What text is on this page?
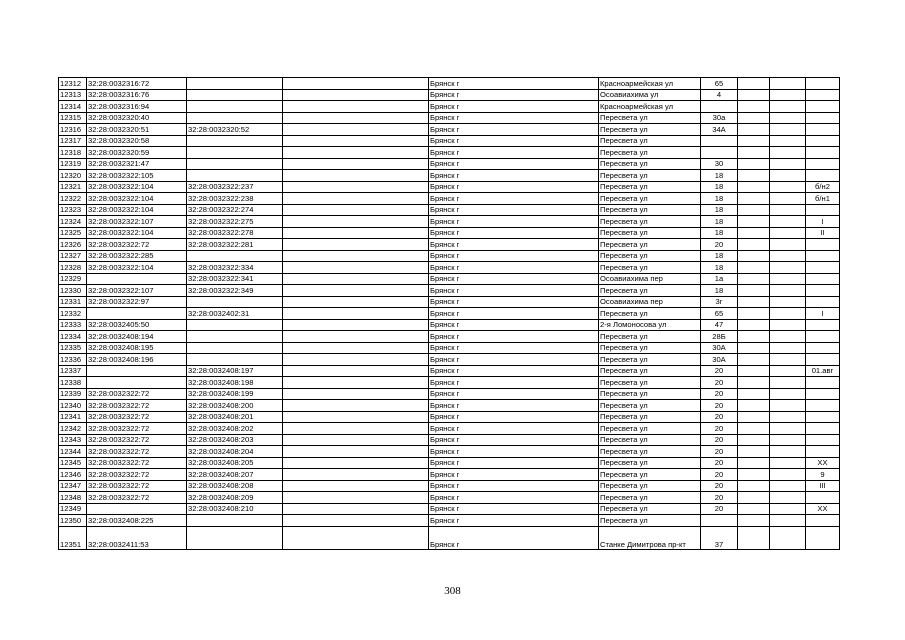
12312	32:28:0032316:72			Брянск г	Красноармейская ул	65			
12313	32:28:0032316:76			Брянск г	Осоавиахима ул	4			
12314	32:28:0032316:94			Брянск г	Красноармейская ул				
12315	32:28:0032320:40			Брянск г	Пересвета ул	30а			
12316	32:28:0032320:51	32:28:0032320:52		Брянск г	Пересвета ул	34А			
12317	32:28:0032320:58			Брянск г	Пересвета ул				
12318	32:28:0032320:59			Брянск г	Пересвета ул				
12319	32:28:0032321:47			Брянск г	Пересвета ул	30			
12320	32:28:0032322:105			Брянск г	Пересвета ул	18			
12321	32:28:0032322:104	32:28:0032322:237		Брянск г	Пересвета ул	18			б/н2
12322	32:28:0032322:104	32:28:0032322:238		Брянск г	Пересвета ул	18			б/н1
12323	32:28:0032322:104	32:28:0032322:274		Брянск г	Пересвета ул	18			
12324	32:28:0032322:107	32:28:0032322:275		Брянск г	Пересвета ул	18			I
12325	32:28:0032322:104	32:28:0032322:278		Брянск г	Пересвета ул	18			II
12326	32:28:0032322:72	32:28:0032322:281		Брянск г	Пересвета ул	20			
12327	32:28:0032322:285			Брянск г	Пересвета ул	18			
12328	32:28:0032322:104	32:28:0032322:334		Брянск г	Пересвета ул	18			
12329		32:28:0032322:341		Брянск г	Осоавиахима пер	1а			
12330	32:28:0032322:107	32:28:0032322:349		Брянск г	Пересвета ул	18			
12331	32:28:0032322:97			Брянск г	Осоавиахима пер	3г			
12332		32:28:0032402:31		Брянск г	Пересвета ул	65			I
12333	32:28:0032405:50			Брянск г	2-я Ломоносова ул	47			
12334	32:28:0032408:194			Брянск г	Пересвета ул	28Б			
12335	32:28:0032408:195			Брянск г	Пересвета ул	30А			
12336	32:28:0032408:196			Брянск г	Пересвета ул	30А			
12337		32:28:0032408:197		Брянск г	Пересвета ул	20			01.авг
12338		32:28:0032408:198		Брянск г	Пересвета ул	20			
12339	32:28:0032322:72	32:28:0032408:199		Брянск г	Пересвета ул	20			
12340	32:28:0032322:72	32:28:0032408:200		Брянск г	Пересвета ул	20			
12341	32:28:0032322:72	32:28:0032408:201		Брянск г	Пересвета ул	20			
12342	32:28:0032322:72	32:28:0032408:202		Брянск г	Пересвета ул	20			
12343	32:28:0032322:72	32:28:0032408:203		Брянск г	Пересвета ул	20			
12344	32:28:0032322:72	32:28:0032408:204		Брянск г	Пересвета ул	20			
12345	32:28:0032322:72	32:28:0032408:205		Брянск г	Пересвета ул	20			XX
12346	32:28:0032322:72	32:28:0032408:207		Брянск г	Пересвета ул	20			9
12347	32:28:0032322:72	32:28:0032408:208		Брянск г	Пересвета ул	20			III
12348	32:28:0032322:72	32:28:0032408:209		Брянск г	Пересвета ул	20			
12349		32:28:0032408:210		Брянск г	Пересвета ул	20			XX
12350	32:28:0032408:225			Брянск г	Пересвета ул				
12351	32:28:0032411:53			Брянск г	Станке Димитрова пр-кт	37			
308
